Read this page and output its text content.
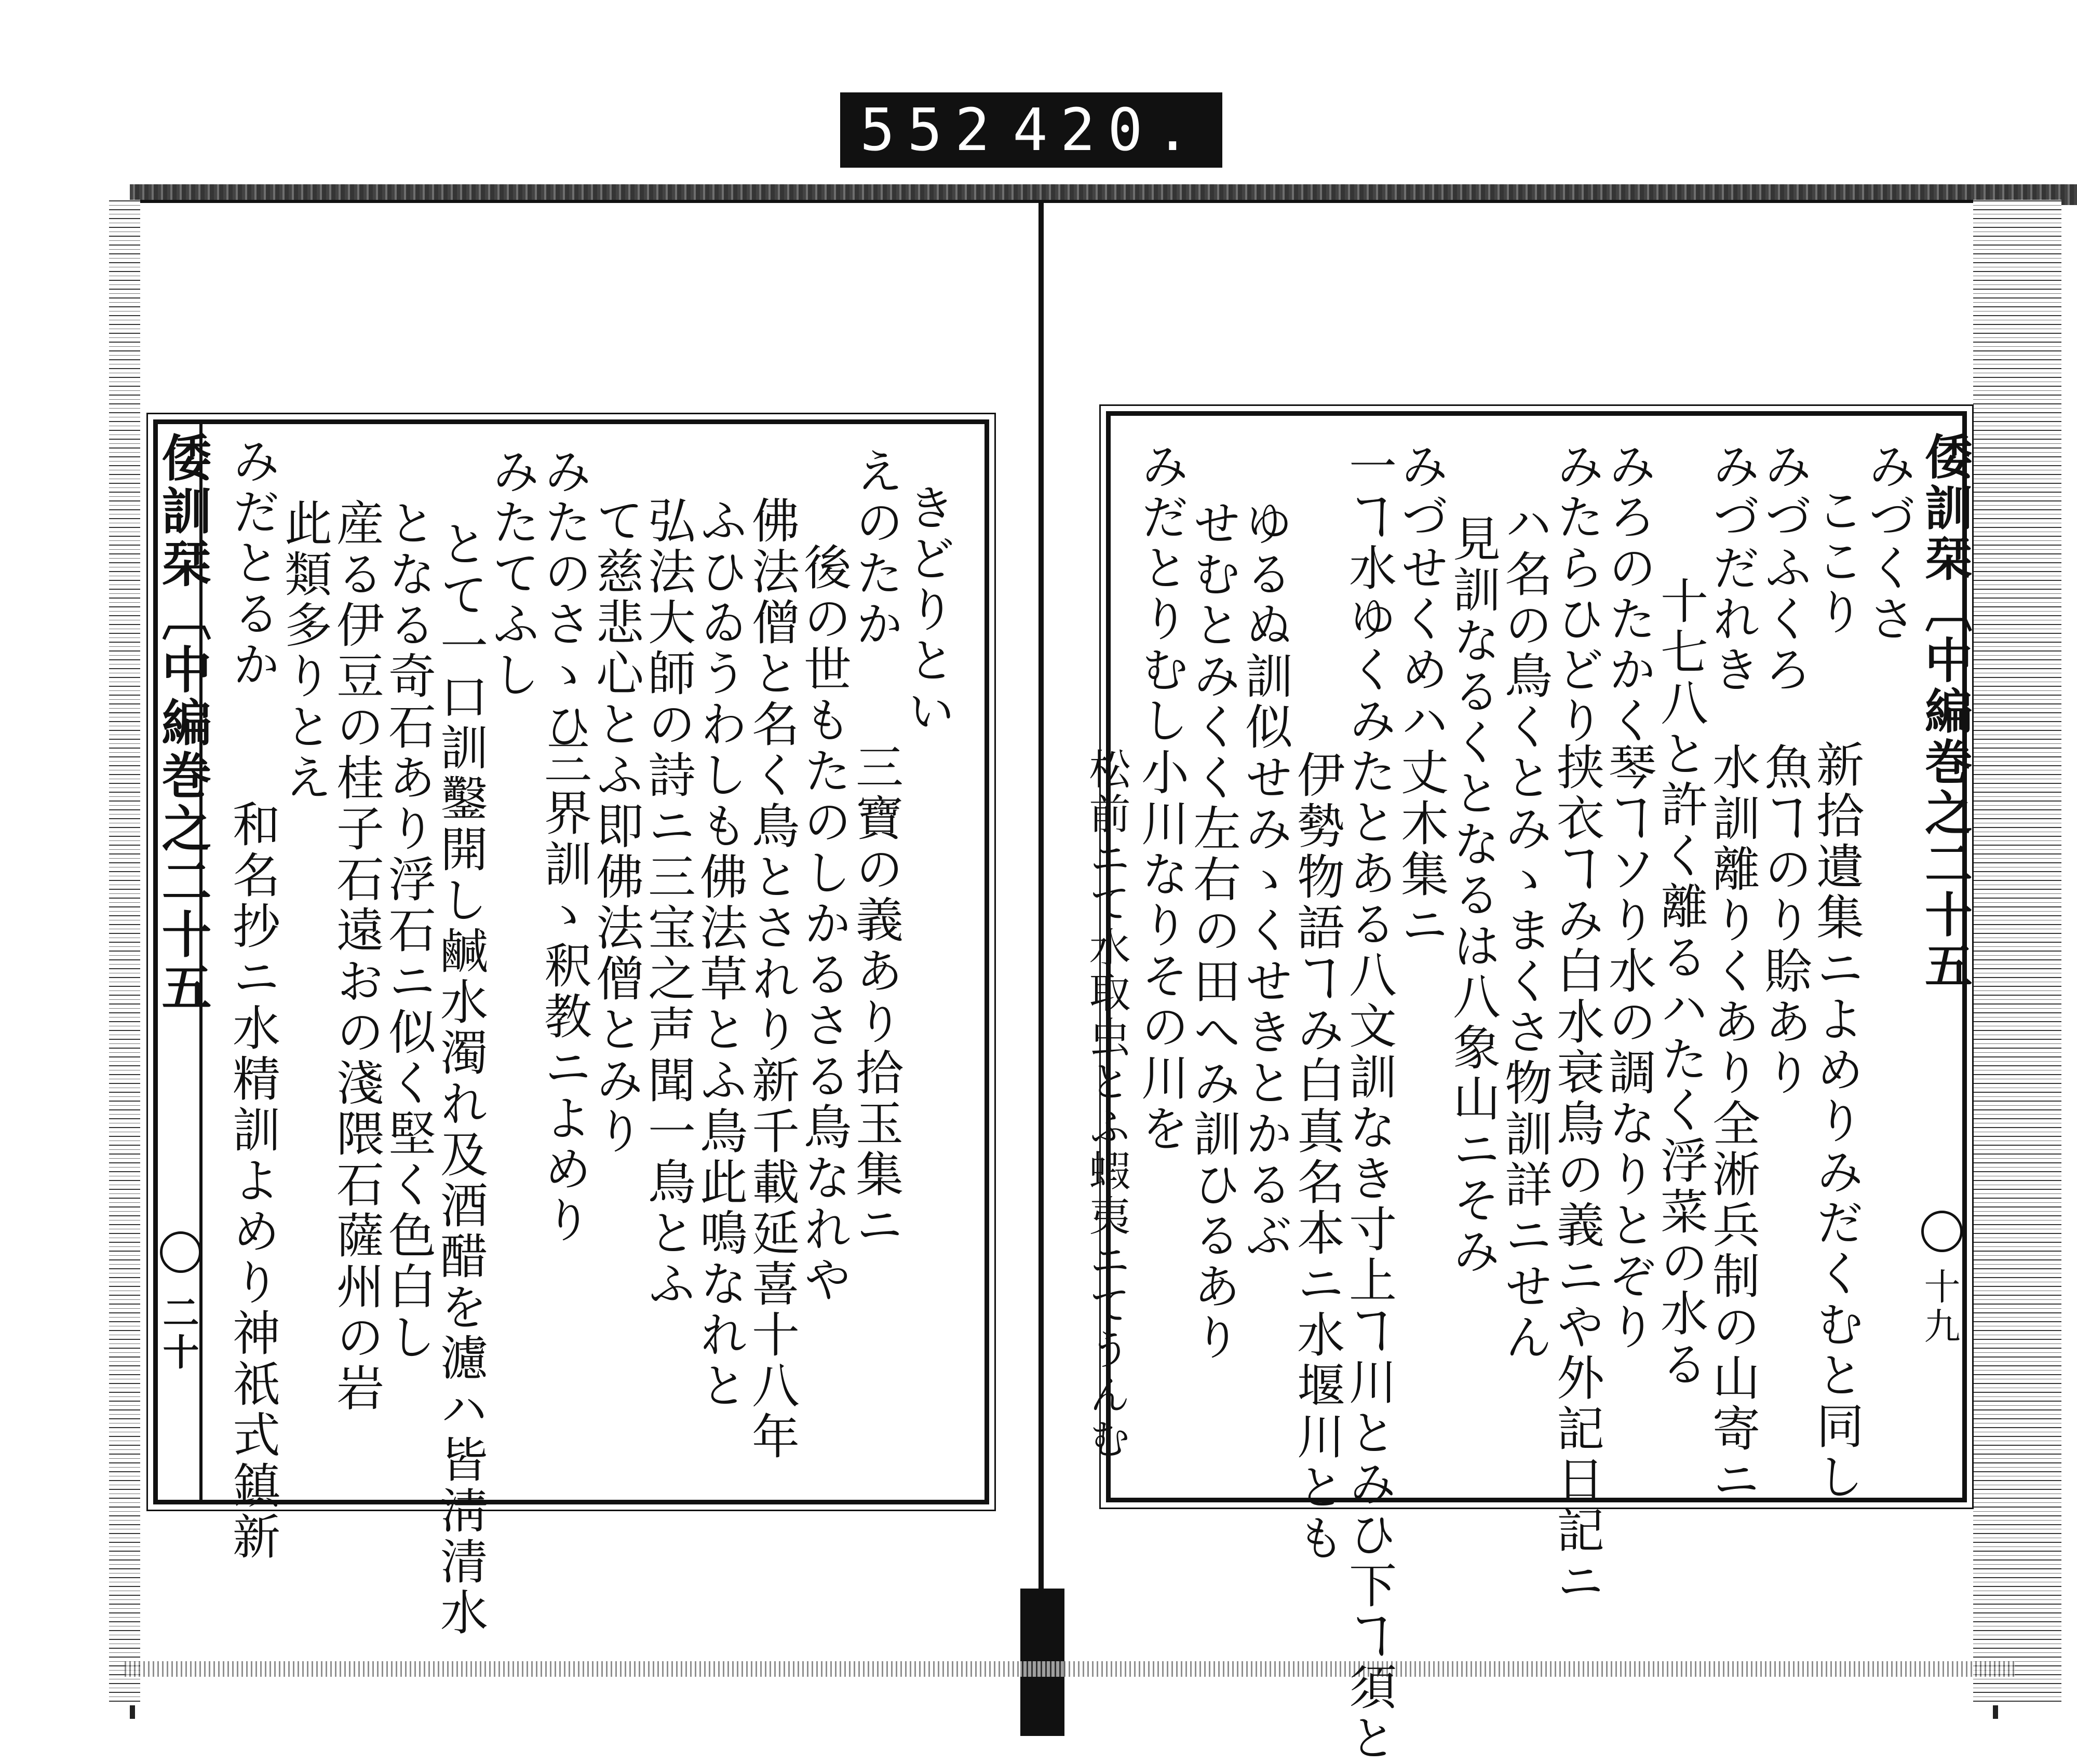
552 420.
倭訓栞〔中編巻之二十五
二十
きどりとい
えのたか
三寶の義あり拾玉集ニ
後の世もたのしかるさる鳥なれや
佛法僧と名く鳥とされり新千載延喜十八年
ふひゐうわしも佛法草とふ鳥此鳴なれと
弘法大師の詩ニ三宝之声聞一鳥とふ
て慈悲心とふ即佛法僧とみり
みたのさゝひ
三界訓ゝ釈教ニよめり
みたてふし
とて一口訓鑿開し鹹水濁れ及酒醋を濾ハ皆淸清水
となる奇石あり浮石ニ似く堅く色白し
産る伊豆の桂子石遠おの淺隈石薩州の岩
此類多りとえ
みだとるか
和名抄ニ水精訓よめり神祇式鎮新
倭訓栞〔中編巻之二十五
十九
みづくさ
ここり
新拾遺集ニよめりみだくむと同し
みづふくろ
魚ヿのり賒あり
みづだれき
水訓離りくあり全淅兵制の山寄ニ
十七八と許く離るハたく浮菜の水る
みろのたかく
琴ヿソり水の調なりとぞり
みたらひどり
挟衣ヿみ白水衰鳥の義ニや外記日記ニ
ハ名の鳥くとみゝまくさ物訓詳ニせん
見訓なるくとなるは八象山ニそみ
みづせくめハ
丈木集ニ
一ヿ水ゆくみたとある八文訓なき寸上ヿ川とみひ下ヿ須と
伊勢物語ヿみ白真名本ニ水堰川とも
ゆるぬ訓似せみゝくせきとかるぶ
せむとみくく左右の田へみ訓ひるあり
みだとりむし
小川なりその川を
松前ニて水取虫とふ蝦夷ニてうんむ
